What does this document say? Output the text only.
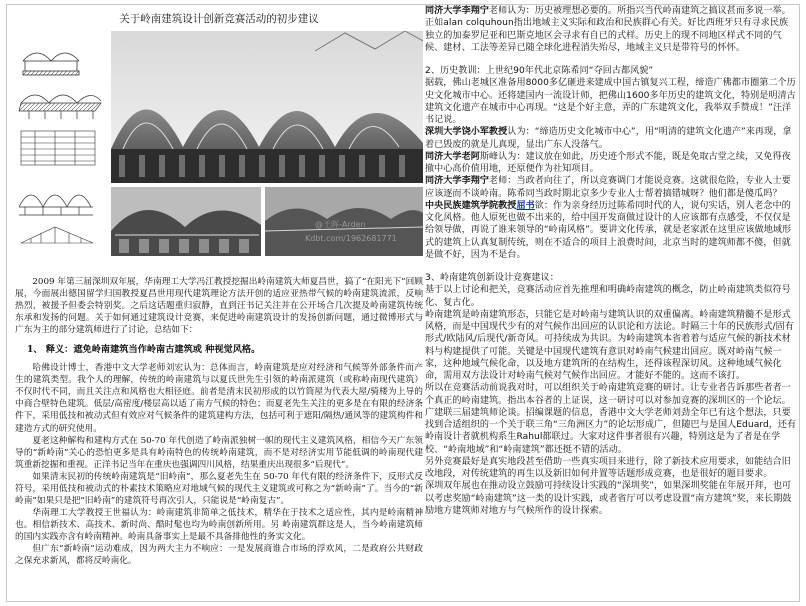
关于岭南建筑设计创新竞赛活动的初步建议
@王晖-Arden
Kdbt.com/1962681771

2009 年第三届深圳双年展，华南理工大学冯江教授挖掘出岭南建筑大师夏昌世，搞了“在阳光下”回顾展，今面展出德国留学归国教授夏昌世用现代建筑理论方法开创的适应亚热带气候的岭南建筑流派，反响热烈，被援予但委会特别奖。之后这话题重归寂静，直到汪书记关注并在公开场合几次提及岭南建筑传统东承和发扬的问题。关于如何通过建筑设计竞赛，来促进岭南建筑设计的发扬创新问题，通过微博形式与广东为主的部分建筑师进行了讨论，总结如下：

1、 释义：遮免岭南建筑当作岭南古建筑或 种视觉风格。

哈佛设计博士，香港中文大学老师刘宏认为：总体而言，岭南建筑是应对经济和气候等外部条件而产生的建筑类型。我个人的理解，传统的岭南建筑与以夏氏世先生引领的岭南派建筑（或称岭南现代建筑）不仅时代不同，而且关注点和风格也大相径庭。前者是清末民初形成的以竹筒屋为代表大屋/骑楼为上导的中商合壁特色建筑。低层/高密度/楼层高以适了南方气候的特色；而夏老先生关注的更多是在有限的经济条件下，采用低技和被动式但有效应对气候条件的建筑建构方法，包括可利于遮阳/隔热/通风等的建筑构件和建造方式的研究使用。

夏老这种解构和建构方式在 50-70 年代创造了岭南派独树一帜的现代主义建筑风格，相信今天广东领导的“新岭南”关心的恐怕更多是具有岭南特色的传统岭南建筑，而不是对经济实用节能低调的岭南现代建筑重新挖掘和重视。正洋书记当年在重庆也强调四川风格，结果重庆出现很多“后现代”。

如果清末民初的传统岭南建筑是“旧岭南”，那么夏老先生在 50-70 年代有限的经济条件下，反形式反符号，采用低技和被动式的朴素技术策略应对地域气候的现代主义建筑或可称之为“新岭南”了。当今的“新岭南”如果只是把“旧岭南”的建筑符号再次引人，只能说是“岭南复古”。

华南理工大学教授王世福认为：岭南建筑非简单之低技术，精华在于技术之适应性，其内是岭南精神也。相信新技术、高技术、新时尚、酷时髦也均为岭南创新所用。另 岭南建筑群这是人，当今岭南建筑师的国内实践亦含有岭南精神。岭南具备事实上是最不具备排他性的务实文化。

但广东“新岭南”运动难成，因为两大主力不响应：一是发展商谁合市场的浮欢风，二是政府公共财政之保充求新风，都将反岭南化。

同济大学李翔宁老师认为：历史被理想必要的。所指兴当代岭南建筑之搞议甚而多说一举。正如alan colquhoun指出地域主义实际和政治和民族群心有关。好比西班牙只有寻求民族独立的加泰罗尼亚和巴斯克地区会寻求有自已的式样。历史上的现不同地区样式不同的气候、建材、工法等差异已随全球化进程消失殆尽，地域主义只是带符号的怀怀。

2、历史教训：上世纪90年代北京陈希同“夺回古都风貌”

据载，佛山老城区准备用8000多亿砸进来建成中国古镇复兴工程，缔造广佛都市圈第二个历史文化城市中心。还将建国内一流设计师，把佛山1600多年历史的建筑文化，特别是明清古建筑文化遗产在城市中心再现。“这是个好主意，弄的广东建筑文化，我举双手赞成！”汪洋书记说。

深圳大学饶小军教授认为：“缔造历史文化城市中心”，用“明清的建筑文化遗产”来再现，拿着已毁废的就是儿真现，显出广东人没落气。

同济大学老阿斯峰认为：建议放在如此，历史迹个形式不能，既是免取古堂之续，又免得夜撤中心高价值用地，还原便作为社知项目。

同济大学李翔宁老师：当政者向往了，所以竞赛调门才能说竞赛。这就很危险，专业人士要应该逐而不谈岭南。陈希同当政时期北京多少专业人士帮着搞错城呀？他们都是傻瓜吗？

中央民族建筑学院教授屈书欲：作为亲身经历过陈希同时代的人，说句实话，别人老念中的文化风格。他人原死也做不出来的，给中国开发商做过设计的人应该都有点感受，不仅仅是给领导做，再说了谁来领导的“岭南风格”。要讲文化传承，就是老家派在这里应该做地域形式的建筑上认真复制传统，则在不适合的项目上浪费时间，北京当时的建筑师都不傻，但就是做不好，因为不是台。

3、岭南建筑创新设计竞赛建议：

基于以上讨论和把关，竞赛活动应首先推理和明确岭南建筑的概念，防止岭南建筑类似符号化、复古化。

岭南建筑是岭南建筑形态，只能它是对岭南与建筑认识的双重偏离。岭南建筑精髓不是形式风格，而是中国现代少有的对气候作出回应的认识论和方法论。时隔三十年的民族形式/固有形式/欧陆风/后现代/新奇风。可持续成为共识。为岭南建筑本省着着与适应气候的新技术材料与构建提供了可能。关键是中国现代建筑有意识对岭南气候建出回应。既对岭南气候一家，这种地域气候化命，以及地方建筑所的在结构生，还得该程深切风。这种地域气候化命，需用双方法设计对岭南气候对气候作出回应。才能好不能的。这而不该打。

所以在竞赛活动前说我对时，可以组织关于岭南建筑竞赛的研讨。让专业者告诉那些者者一个真正的岭南建筑。指出本谷者的上证误，这一研讨可以对参加竞赛的深圳区的一个论坛。广建联三届建筑师论谈。招编课题的信息，香港中文大学老师刘劲全年已有这个想法，只要找到合适组织的一个关于联三角“三角洲区力”的论坛形成广，但随巴与是国人Eduard，还有岭南设计者就机构系生Rahul都联过。大家对这件事者很有兴趣，特别这是为了者是在学校、“岭南地域”和“岭南建筑”都还挺不错的活动。

另外竞赛最好是真实地段甚至借助一些真实项目来进行，除了新技术应用要求，如能结合旧改地段，对传统建筑的再生以及新旧如何并置等话题形成竞赛，也是很好的题目要求。

深圳双年展也在推动设立鼓励可持续设计实践的“深圳奖”，如果深圳奖能在年展开拜，也可以考虑奖励“岭南建筑”这一类的设计实践，或者省厅可以考虑设置“南方建筑”奖，来长期鼓励地方建筑师对地方与气候所作的设计探索。
